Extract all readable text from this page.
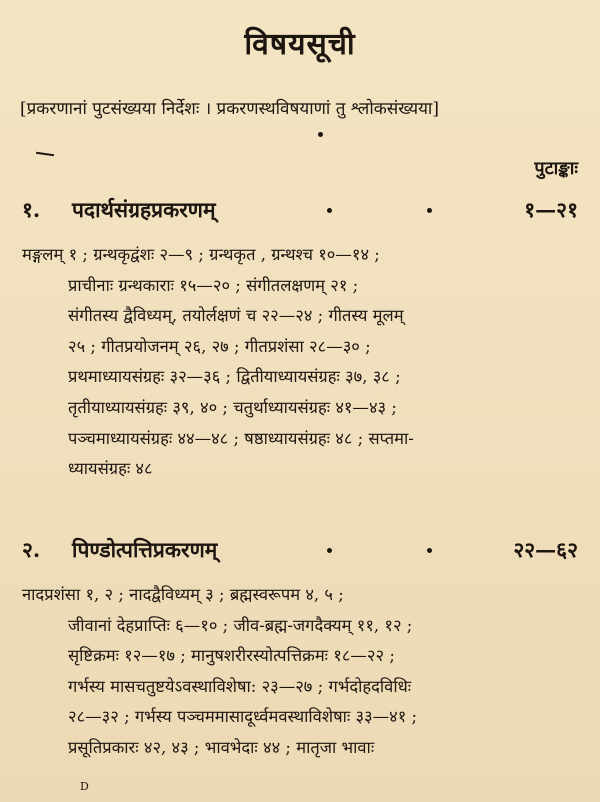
विषयसूची
[प्रकरणानां पुटसंख्यया निर्देशः । प्रकरणस्थविषयाणां तु श्लोकसंख्यया]
पुटाङ्काः
१. पदार्थसंग्रहप्रकरणम्	१—२१
मङ्गलम् १ ; ग्रन्थकृद्वंशः २—९ ; ग्रन्थकृत , ग्रन्थश्च १०—१४ ;
प्राचीनाः ग्रन्थकाराः १५—२० ; संगीतलक्षणम् २१ ;
संगीतस्य द्वैविध्यम्, तयोर्लक्षणं च २२—२४ ; गीतस्य मूलम्
२५ ; गीतप्रयोजनम् २६, २७ ; गीतप्रशंसा २८—३० ;
प्रथमाध्यायसंग्रहः ३२—३६ ; द्वितीयाध्यायसंग्रहः ३७, ३८ ;
तृतीयाध्यायसंग्रहः ३९, ४० ; चतुर्थाध्यायसंग्रहः ४१—४३ ;
पञ्चमाध्यायसंग्रहः ४४—४८ ; षष्ठाध्यायसंग्रहः ४८ ; सप्तमा-
ध्यायसंग्रहः ४८
२. पिण्डोत्पत्तिप्रकरणम्	२२—६२
नादप्रशंसा १, २ ; नादद्वैविध्यम् ३ ; ब्रह्मस्वरूपम ४, ५ ;
जीवानां देहप्राप्तिः ६—१० ; जीव-ब्रह्म-जगदैक्यम् ११, १२ ;
सृष्टिक्रमः १२—१७ ; मानुषशरीरस्योत्पत्तिक्रमः १८—२२ ;
गर्भस्य मासचतुष्टयेऽवस्थाविशेषा: २३—२७ ; गर्भदोहदविधिः
२८—३२ ; गर्भस्य पञ्चममासादूर्ध्वमवस्थाविशेषाः ३३—४१ ;
प्रसूतिप्रकारः ४२, ४३ ; भावभेदाः ४४ ; मातृजा भावाः
D
